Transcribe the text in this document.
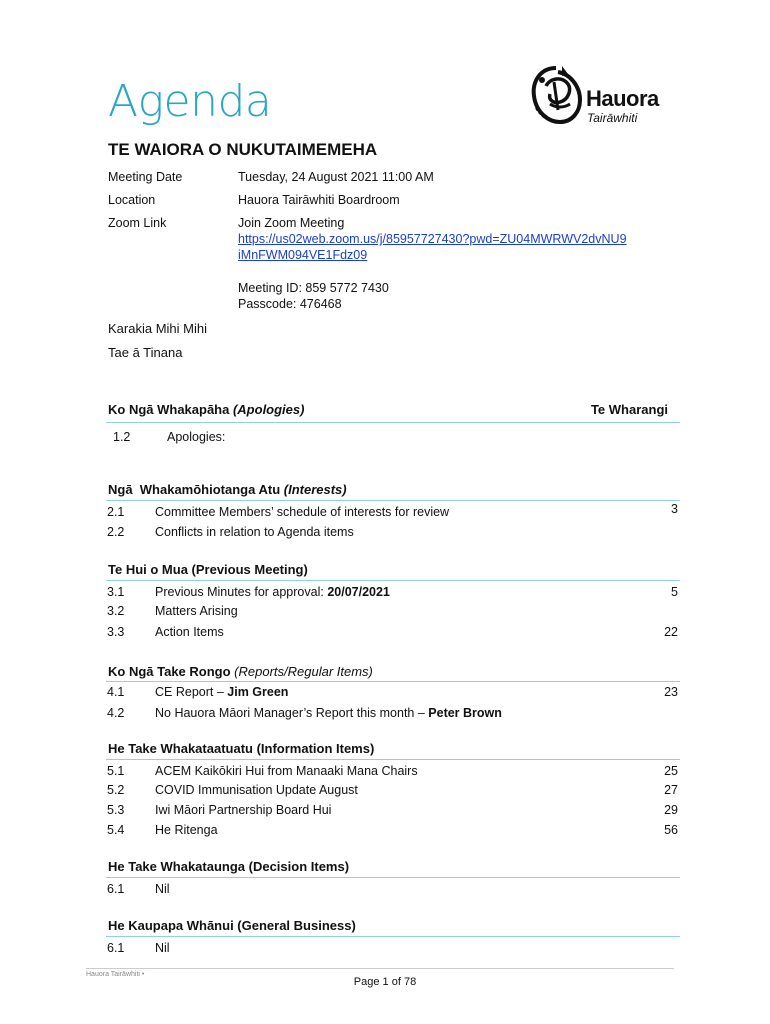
Agenda	Hauora
Tairāwhiti
TE WAIORA O NUKUTAIMEMEHA
Meeting Date	Tuesday, 24 August 2021 11:00 AM
Location	Hauora Tairāwhiti Boardroom
Zoom Link	Join Zoom Meeting
https://us02web.zoom.us/j/85957727430?pwd=ZU04MWRWV2dvNU9
iMnFWM094VE1Fdz09
Meeting ID: 859 5772 7430
Passcode: 476468
Karakia Mihi Mihi
Tae ā Tinana
Ko Ngā Whakapāha (Apologies)	Te Wharangi
1.2	Apologies:
Ngā  Whakamōhiotanga Atu (Interests)
2.1 Committee Members’ schedule of interests for review	3
2.2 Conflicts in relation to Agenda items
Te Hui o Mua (Previous Meeting)
3.1 Previous Minutes for approval: 20/07/2021	5
3.2 Matters Arising
3.3 Action Items	22
Ko Ngā Take Rongo (Reports/Regular Items)
4.1 CE Report – Jim Green	23
4.2 No Hauora Māori Manager’s Report this month – Peter Brown
He Take Whakataatuatu (Information Items)
5.1 ACEM Kaikōkiri Hui from Manaaki Mana Chairs	25
5.2 COVID Immunisation Update August	27
5.3 Iwi Māori Partnership Board Hui	29
5.4 He Ritenga	56
He Take Whakataunga (Decision Items)
6.1 Nil
He Kaupapa Whānui (General Business)
6.1 Nil
Hauora Tairāwhiti •
Page 1 of 78
